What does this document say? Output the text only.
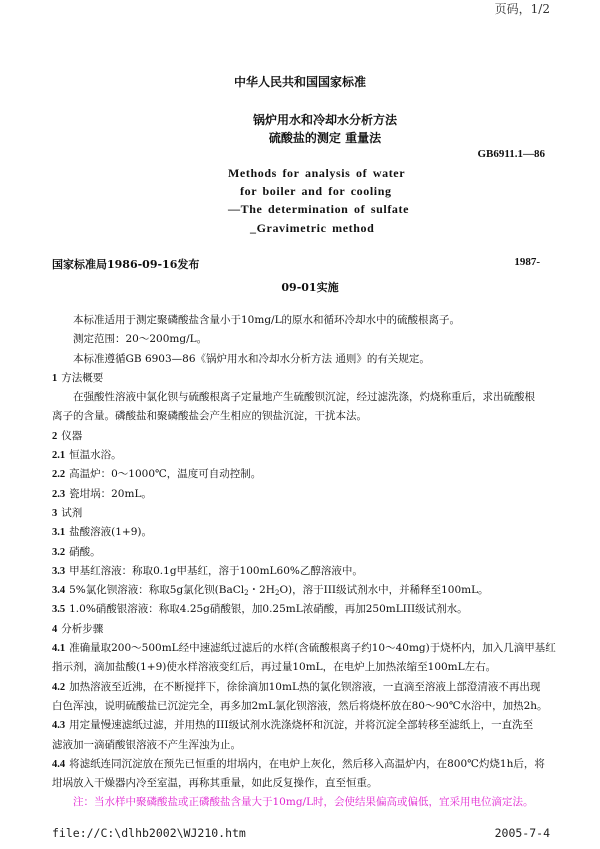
页码，1/2
中华人民共和国国家标准
锅炉用水和冷却水分析方法
硫酸盐的测定 重量法
GB6911.1—86
Methods for analysis of water
for boiler and for cooling
—The determination of sulfate
_Gravimetric method
国家标准局1986-09-16发布	1987-
09-01实施
本标准适用于测定聚磷酸盐含量小于10mg/L的原水和循环冷却水中的硫酸根离子。
测定范围：20～200mg/L。
本标准遵循GB 6903—86《锅炉用水和冷却水分析方法 通则》的有关规定。
1 方法概要
在强酸性溶液中氯化钡与硫酸根离子定量地产生硫酸钡沉淀，经过滤洗涤，灼烧称重后，求出硫酸根
离子的含量。磷酸盐和聚磷酸盐会产生相应的钡盐沉淀，干扰本法。
2 仪器
2.1 恒温水浴。
2.2 高温炉：0～1000℃，温度可自动控制。
2.3 瓷坩埚：20mL。
3 试剂
3.1 盐酸溶液(1+9)。
3.2 硝酸。
3.3 甲基红溶液：称取0.1g甲基红，溶于100mL60%乙醇溶液中。
3.4 5%氯化钡溶液：称取5g氯化钡(BaCl$_2$・$2H_2O$)，溶于III级试剂水中，并稀释至100mL。
3.5 1.0%硝酸银溶液：称取4.25g硝酸银，加0.25mL浓硝酸，再加250mLIII级试剂水。
4 分析步骤
4.1 准确量取200～500mL经中速滤纸过滤后的水样(含硫酸根离子约10～40mg)于烧杯内，加入几滴甲基红
指示剂，滴加盐酸(1+9)使水样溶液变红后，再过量10mL，在电炉上加热浓缩至100mL左右。
4.2 加热溶液至近沸，在不断搅拌下，徐徐滴加10mL热的氯化钡溶液，一直滴至溶液上部澄清液不再出现
白色浑浊，说明硫酸盐已沉淀完全，再多加2mL氯化钡溶液，然后将烧杯放在80～90℃水浴中，加热2h。
4.3 用定量慢速滤纸过滤，并用热的III级试剂水洗涤烧杯和沉淀，并将沉淀全部转移至滤纸上，一直洗至
滤液加一滴硝酸银溶液不产生浑浊为止。
4.4 将滤纸连同沉淀放在预先已恒重的坩埚内，在电炉上灰化，然后移入高温炉内，在800℃灼烧1h后，将
坩埚放入干燥器内冷至室温，再称其重量，如此反复操作，直至恒重。
注：当水样中聚磷酸盐或正磷酸盐含量大于10mg/L时，会使结果偏高或偏低，宜采用电位滴定法。
file://C:\dlhb2002\WJ210.htm	2005-7-4
